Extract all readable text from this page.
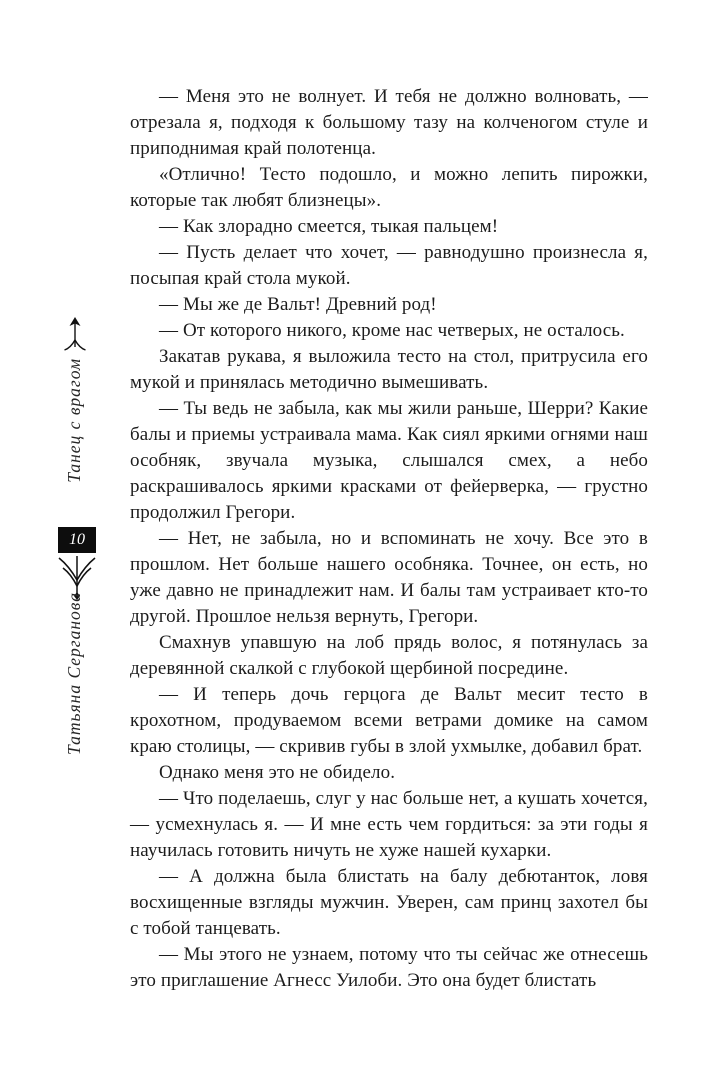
Танец с врагом
10
Татьяна Серганова

— Меня это не волнует. И тебя не должно волновать, — отрезала я, подходя к большому тазу на колченогом стуле и приподнимая край полотенца.

«Отлично! Тесто подошло, и можно лепить пирожки, которые так любят близнецы».

— Как злорадно смеется, тыкая пальцем!

— Пусть делает что хочет, — равнодушно произнесла я, посыпая край стола мукой.

— Мы же де Вальт! Древний род!

— От которого никого, кроме нас четверых, не осталось.

Закатав рукава, я выложила тесто на стол, притрусила его мукой и принялась методично вымешивать.

— Ты ведь не забыла, как мы жили раньше, Шерри? Какие балы и приемы устраивала мама. Как сиял яркими огнями наш особняк, звучала музыка, слышался смех, а небо раскрашивалось яркими красками от фейерверка, — грустно продолжил Грегори.

— Нет, не забыла, но и вспоминать не хочу. Все это в прошлом. Нет больше нашего особняка. Точнее, он есть, но уже давно не принадлежит нам. И балы там устраивает кто-то другой. Прошлое нельзя вернуть, Грегори.

Смахнув упавшую на лоб прядь волос, я потянулась за деревянной скалкой с глубокой щербиной посредине.

— И теперь дочь герцога де Вальт месит тесто в крохотном, продуваемом всеми ветрами домике на самом краю столицы, — скривив губы в злой ухмылке, добавил брат.

Однако меня это не обидело.

— Что поделаешь, слуг у нас больше нет, а кушать хочется, — усмехнулась я. — И мне есть чем гордиться: за эти годы я научилась готовить ничуть не хуже нашей кухарки.

— А должна была блистать на балу дебютанток, ловя восхищенные взгляды мужчин. Уверен, сам принц захотел бы с тобой танцевать.

— Мы этого не узнаем, потому что ты сейчас же отнесешь это приглашение Агнесс Уилоби. Это она будет блистать
